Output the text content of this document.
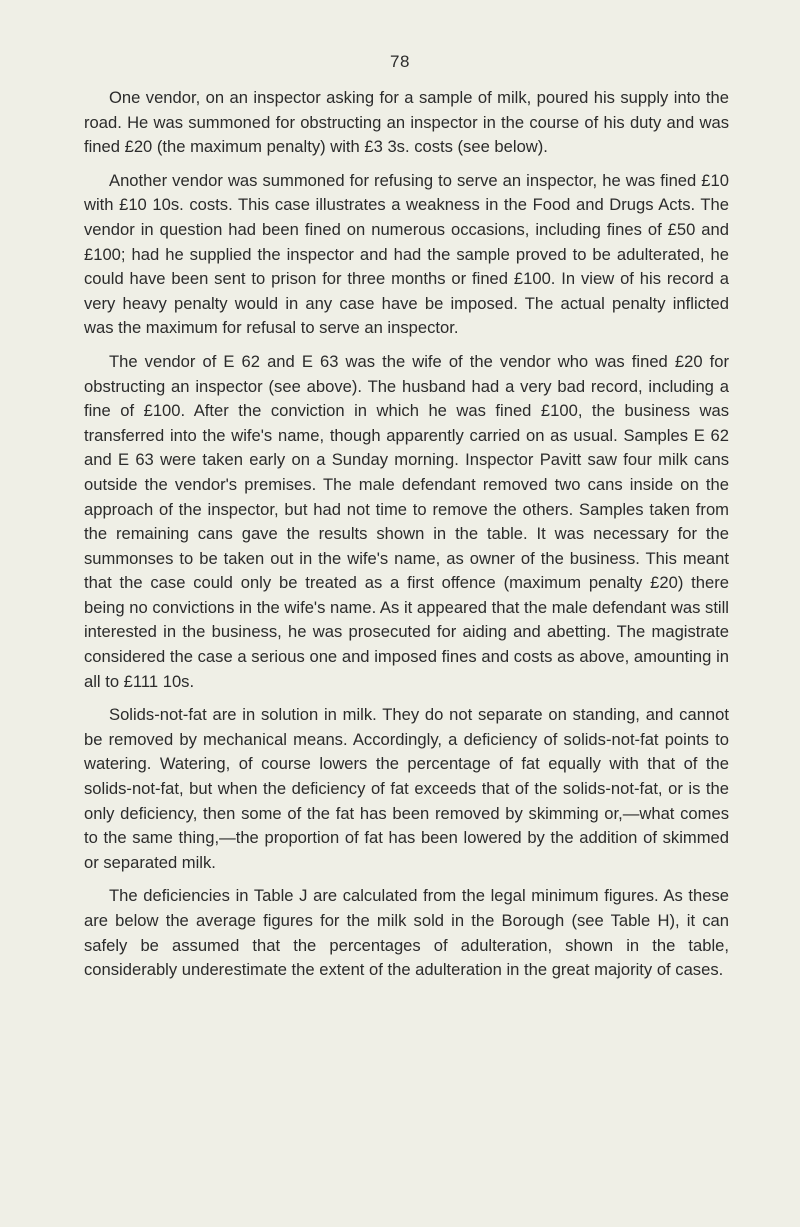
78

One vendor, on an inspector asking for a sample of milk, poured his supply into the road. He was summoned for obstructing an inspector in the course of his duty and was fined £20 (the maximum penalty) with £3 3s. costs (see below).

Another vendor was summoned for refusing to serve an inspector, he was fined £10 with £10 10s. costs. This case illustrates a weakness in the Food and Drugs Acts. The vendor in question had been fined on numerous occasions, including fines of £50 and £100; had he supplied the inspector and had the sample proved to be adulterated, he could have been sent to prison for three months or fined £100. In view of his record a very heavy penalty would in any case have be imposed. The actual penalty inflicted was the maximum for refusal to serve an inspector.

The vendor of E 62 and E 63 was the wife of the vendor who was fined £20 for obstructing an inspector (see above). The husband had a very bad record, including a fine of £100. After the conviction in which he was fined £100, the business was transferred into the wife's name, though apparently carried on as usual. Samples E 62 and E 63 were taken early on a Sunday morning. Inspector Pavitt saw four milk cans outside the vendor's premises. The male defendant removed two cans inside on the approach of the inspector, but had not time to remove the others. Samples taken from the remaining cans gave the results shown in the table. It was necessary for the summonses to be taken out in the wife's name, as owner of the business. This meant that the case could only be treated as a first offence (maximum penalty £20) there being no convictions in the wife's name. As it appeared that the male defendant was still interested in the business, he was prosecuted for aiding and abetting. The magistrate considered the case a serious one and imposed fines and costs as above, amounting in all to £111 10s.

Solids-not-fat are in solution in milk. They do not separate on standing, and cannot be removed by mechanical means. Accordingly, a deficiency of solids-not-fat points to watering. Watering, of course lowers the percentage of fat equally with that of the solids-not-fat, but when the deficiency of fat exceeds that of the solids-not-fat, or is the only deficiency, then some of the fat has been removed by skimming or,—what comes to the same thing,—the proportion of fat has been lowered by the addition of skimmed or separated milk.

The deficiencies in Table J are calculated from the legal minimum figures. As these are below the average figures for the milk sold in the Borough (see Table H), it can safely be assumed that the percentages of adulteration, shown in the table, considerably underestimate the extent of the adulteration in the great majority of cases.
